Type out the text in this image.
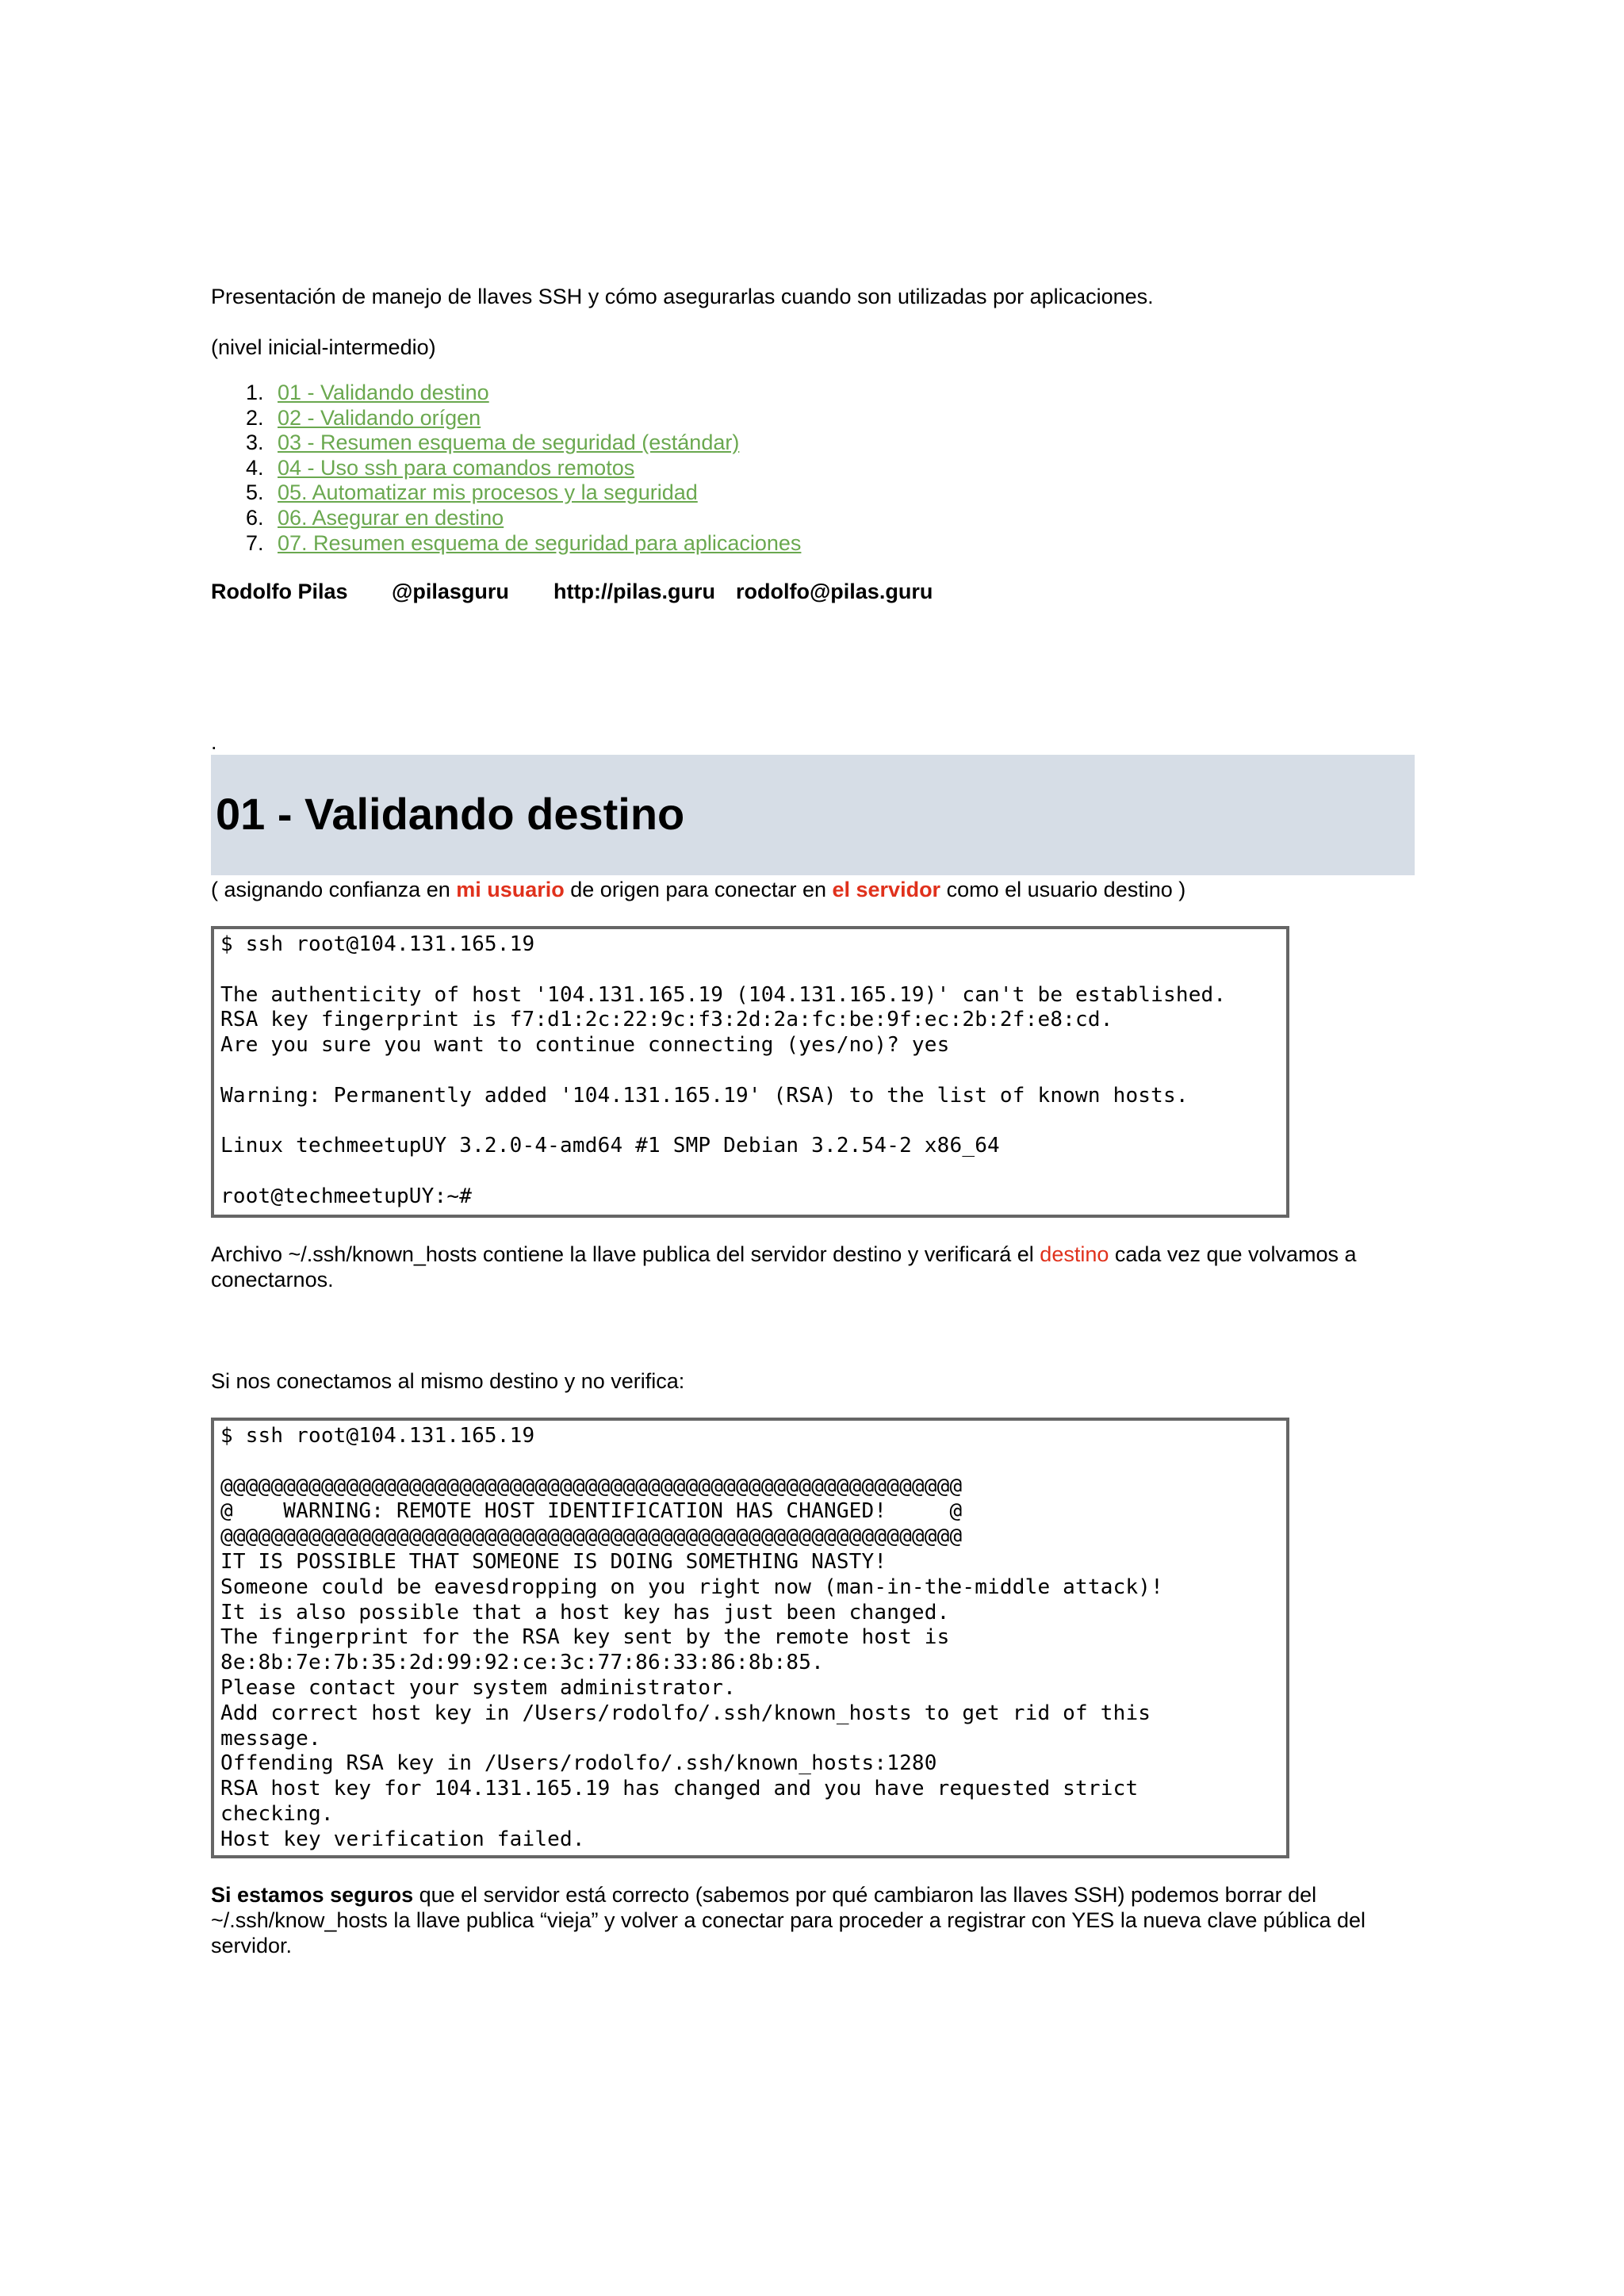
Presentación de manejo de llaves SSH y cómo asegurarlas cuando son utilizadas por aplicaciones.
(nivel inicial-intermedio)
1. 01 - Validando destino
2. 02 - Validando orígen
3. 03 - Resumen esquema de seguridad (estándar)
4. 04 - Uso ssh para comandos remotos
5. 05. Automatizar mis procesos y la seguridad
6. 06. Asegurar en destino
7. 07. Resumen esquema de seguridad para aplicaciones
Rodolfo Pilas @pilasguru http://pilas.guru rodolfo@pilas.guru
.
01 - Validando destino
( asignando confianza en mi usuario de origen para conectar en el servidor como el usuario destino )
$ ssh root@104.131.165.19

The authenticity of host '104.131.165.19 (104.131.165.19)' can't be established.
RSA key fingerprint is f7:d1:2c:22:9c:f3:2d:2a:fc:be:9f:ec:2b:2f:e8:cd.
Are you sure you want to continue connecting (yes/no)? yes

Warning: Permanently added '104.131.165.19' (RSA) to the list of known hosts.

Linux techmeetupUY 3.2.0-4-amd64 #1 SMP Debian 3.2.54-2 x86_64

root@techmeetupUY:~#
Archivo ~/.ssh/known_hosts contiene la llave publica del servidor destino y verificará el destino cada vez que volvamos a conectarnos.
Si nos conectamos al mismo destino y no verifica:
$ ssh root@104.131.165.19

@@@@@@@@@@@@@@@@@@@@@@@@@@@@@@@@@@@@@@@@@@@@@@@@@@@@@@@@@@@
@    WARNING: REMOTE HOST IDENTIFICATION HAS CHANGED!     @
@@@@@@@@@@@@@@@@@@@@@@@@@@@@@@@@@@@@@@@@@@@@@@@@@@@@@@@@@@@
IT IS POSSIBLE THAT SOMEONE IS DOING SOMETHING NASTY!
Someone could be eavesdropping on you right now (man-in-the-middle attack)!
It is also possible that a host key has just been changed.
The fingerprint for the RSA key sent by the remote host is
8e:8b:7e:7b:35:2d:99:92:ce:3c:77:86:33:86:8b:85.
Please contact your system administrator.
Add correct host key in /Users/rodolfo/.ssh/known_hosts to get rid of this
message.
Offending RSA key in /Users/rodolfo/.ssh/known_hosts:1280
RSA host key for 104.131.165.19 has changed and you have requested strict
checking.
Host key verification failed.
Si estamos seguros que el servidor está correcto (sabemos por qué cambiaron las llaves SSH) podemos borrar del ~/.ssh/know_hosts la llave publica “vieja” y volver a conectar para proceder a registrar con YES la nueva clave pública del servidor.
